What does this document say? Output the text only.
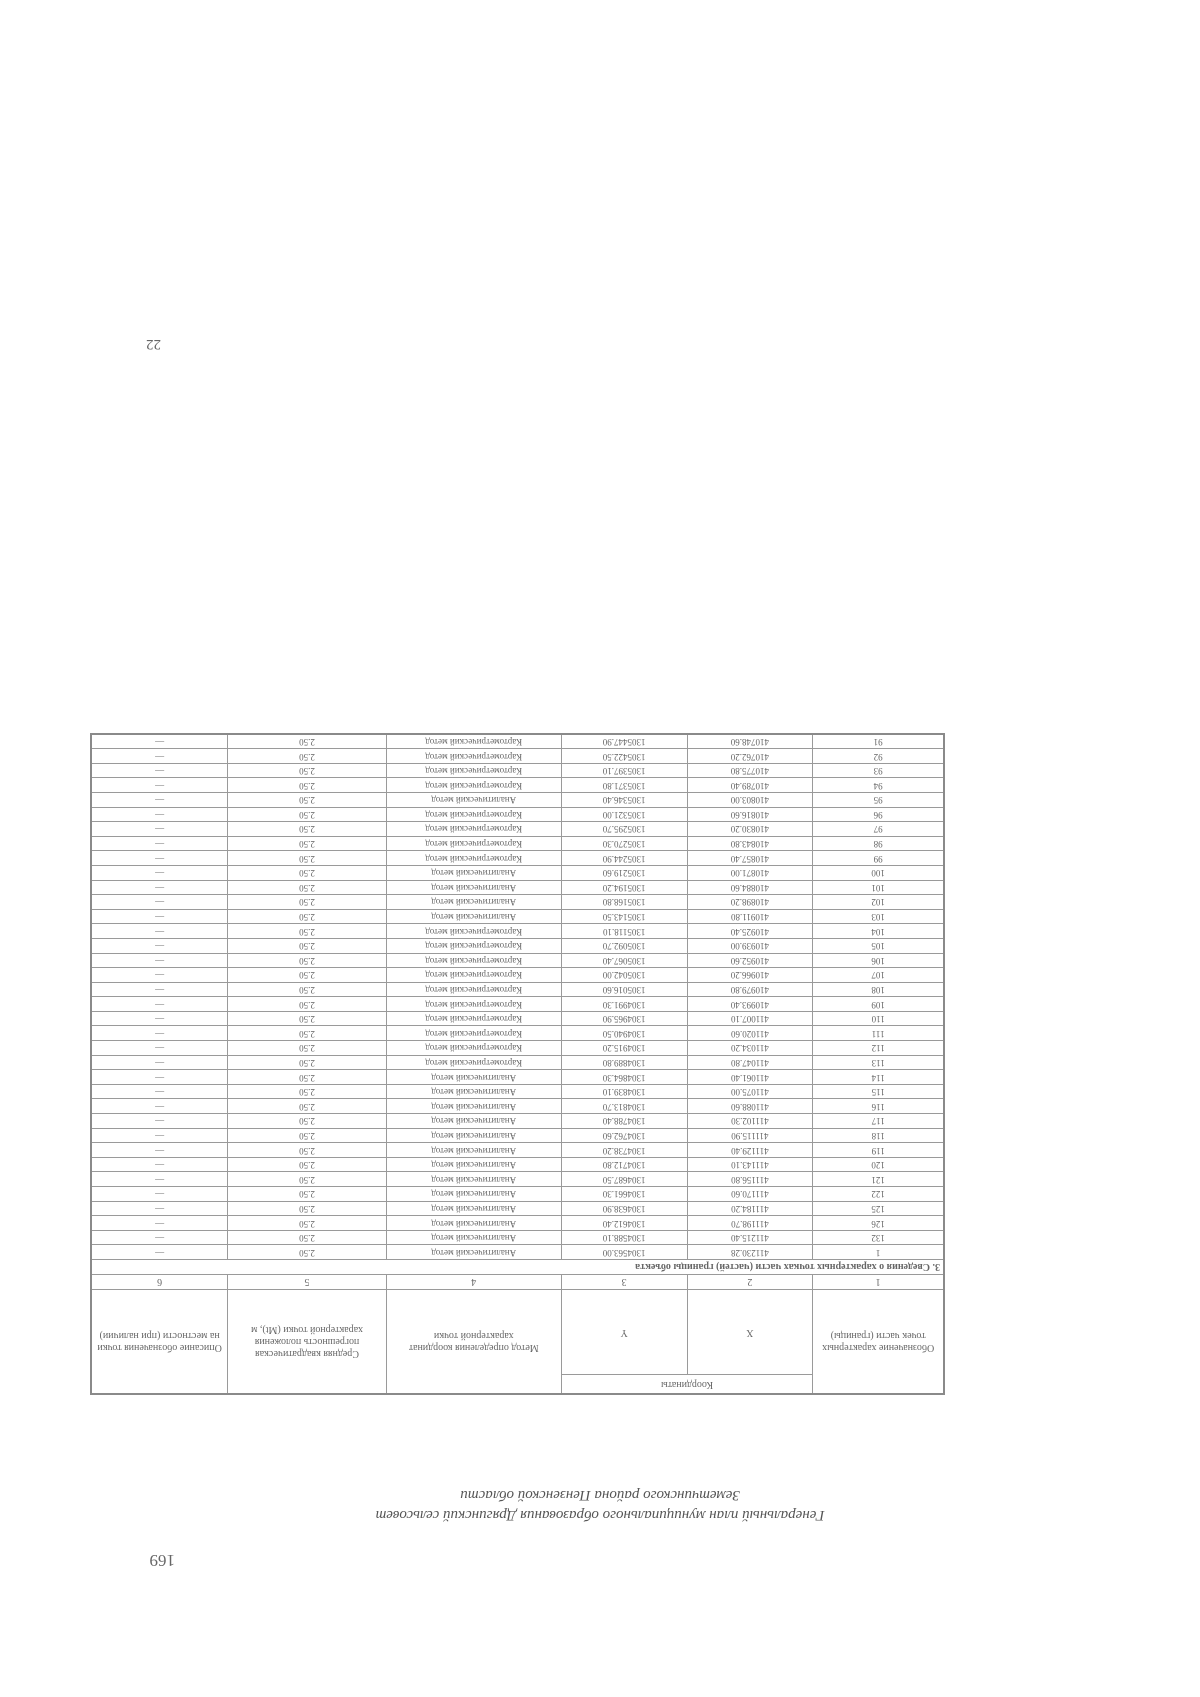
22
169
Генеральный план муниципального образования Дрягинский сельсовет
Земетчинского района Пензенской области
Обозначение характерных точек части (границы)	Координаты		Метод определения координат характерной точки	Средняя квадратическая погрешность положения характерной точки (Mt), м	Описание обозначения точки на местности (при наличии)
	X	Y			
1	2	3	4	5	6
3. Сведения о характерных точках части (частей) границы объекта					
1	411230.28	1304563.00	Аналитический метод	2.50	—
132	411215.40	1304588.10	Аналитический метод	2.50	—
126	411198.70	1304612.40	Аналитический метод	2.50	—
125	411184.20	1304638.90	Аналитический метод	2.50	—
122	411170.60	1304661.30	Аналитический метод	2.50	—
121	411156.80	1304687.50	Аналитический метод	2.50	—
120	411143.10	1304712.80	Аналитический метод	2.50	—
119	411129.40	1304738.20	Аналитический метод	2.50	—
118	411115.90	1304762.60	Аналитический метод	2.50	—
117	411102.30	1304788.40	Аналитический метод	2.50	—
116	411088.60	1304813.70	Аналитический метод	2.50	—
115	411075.00	1304839.10	Аналитический метод	2.50	—
114	411061.40	1304864.30	Аналитический метод	2.50	—
113	411047.80	1304889.80	Картометрический метод	2.50	—
112	411034.20	1304915.20	Картометрический метод	2.50	—
111	411020.60	1304940.50	Картометрический метод	2.50	—
110	411007.10	1304965.90	Картометрический метод	2.50	—
109	410993.40	1304991.30	Картометрический метод	2.50	—
108	410979.80	1305016.60	Картометрический метод	2.50	—
107	410966.20	1305042.00	Картометрический метод	2.50	—
106	410952.60	1305067.40	Картометрический метод	2.50	—
105	410939.00	1305092.70	Картометрический метод	2.50	—
104	410925.40	1305118.10	Картометрический метод	2.50	—
103	410911.80	1305143.50	Аналитический метод	2.50	—
102	410898.20	1305168.80	Аналитический метод	2.50	—
101	410884.60	1305194.20	Аналитический метод	2.50	—
100	410871.00	1305219.60	Аналитический метод	2.50	—
99	410857.40	1305244.90	Картометрический метод	2.50	—
98	410843.80	1305270.30	Картометрический метод	2.50	—
97	410830.20	1305295.70	Картометрический метод	2.50	—
96	410816.60	1305321.00	Картометрический метод	2.50	—
95	410803.00	1305346.40	Аналитический метод	2.50	—
94	410789.40	1305371.80	Картометрический метод	2.50	—
93	410775.80	1305397.10	Картометрический метод	2.50	—
92	410762.20	1305422.50	Картометрический метод	2.50	—
91	410748.60	1305447.90	Картометрический метод	2.50	—
